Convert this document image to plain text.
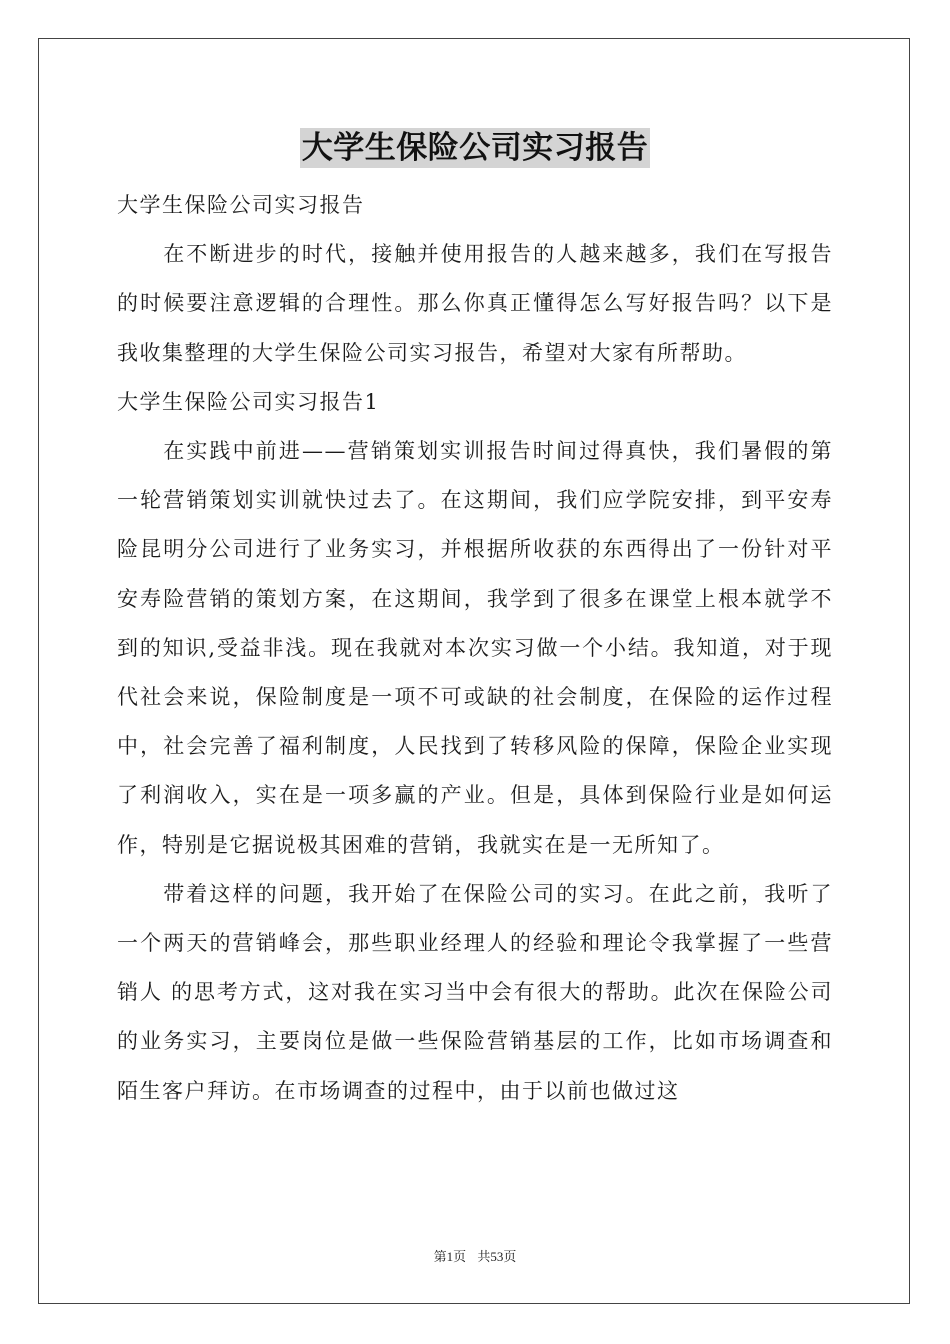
大学生保险公司实习报告

大学生保险公司实习报告

在不断进步的时代，接触并使用报告的人越来越多，我们在写报告的时候要注意逻辑的合理性。那么你真正懂得怎么写好报告吗？以下是我收集整理的大学生保险公司实习报告，希望对大家有所帮助。

大学生保险公司实习报告1

在实践中前进——营销策划实训报告时间过得真快，我们暑假的第一轮营销策划实训就快过去了。在这期间，我们应学院安排，到平安寿险昆明分公司进行了业务实习，并根据所收获的东西得出了一份针对平安寿险营销的策划方案，在这期间，我学到了很多在课堂上根本就学不到的知识,受益非浅。现在我就对本次实习做一个小结。我知道，对于现代社会来说，保险制度是一项不可或缺的社会制度，在保险的运作过程中，社会完善了福利制度，人民找到了转移风险的保障，保险企业实现了利润收入，实在是一项多赢的产业。但是，具体到保险行业是如何运作，特别是它据说极其困难的营销，我就实在是一无所知了。

带着这样的问题，我开始了在保险公司的实习。在此之前，我听了一个两天的营销峰会，那些职业经理人的经验和理论令我掌握了一些营销人 的思考方式，这对我在实习当中会有很大的帮助。此次在保险公司的业务实习，主要岗位是做一些保险营销基层的工作，比如市场调查和陌生客户拜访。在市场调查的过程中，由于以前也做过这

第1页 共53页
